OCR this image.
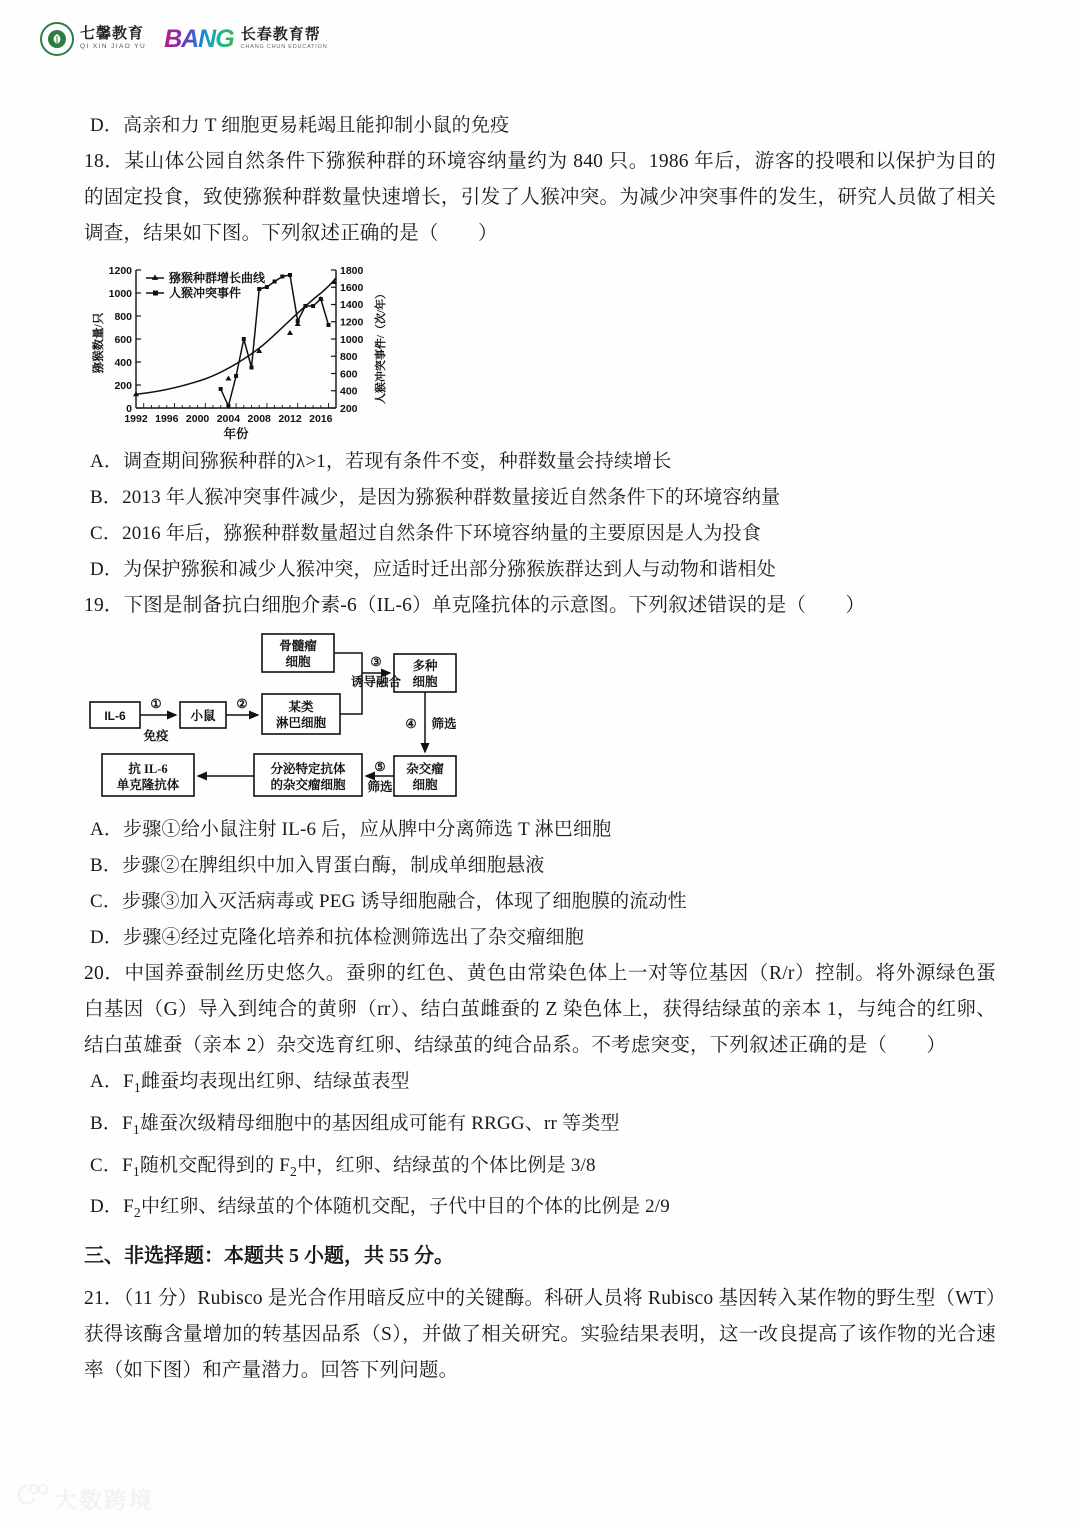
七馨教育
QI XIN JIAO YU BANG 长春教育帮
CHANG CHUN EDUCATION

D．高亲和力 T 细胞更易耗竭且能抑制小鼠的免疫

18．某山体公园自然条件下猕猴种群的环境容纳量约为 840 只。1986 年后，游客的投喂和以保护为目的的固定投食，致使猕猴种群数量快速增长，引发了人猴冲突。为减少冲突事件的发生，研究人员做了相关调查，结果如下图。下列叙述正确的是（　　）

0
200
400
600
800
1000
1200
200
400
600
800
1000
1200
1400
1600
1800
1992 1996 2000 2004 2008 2012 2016
年份
猕猴数量/只	人猴冲突事件/（次/年）
猕猴种群增长曲线
人猴冲突事件

A．调查期间猕猴种群的λ>1，若现有条件不变，种群数量会持续增长

B．2013 年人猴冲突事件减少，是因为猕猴种群数量接近自然条件下的环境容纳量

C．2016 年后，猕猴种群数量超过自然条件下环境容纳量的主要原因是人为投食

D．为保护猕猴和减少人猴冲突，应适时迁出部分猕猴族群达到人与动物和谐相处

19．下图是制备抗白细胞介素-6（IL-6）单克隆抗体的示意图。下列叙述错误的是（　　）

IL-6	小鼠
骨髓瘤
细胞
某类
淋巴细胞
多种
细胞
杂交瘤
细胞
分泌特定抗体
的杂交瘤细胞
抗 IL-6
单克隆抗体
①
免疫
②
③
诱导融合
④ 筛选
⑤
筛选

A．步骤①给小鼠注射 IL-6 后，应从脾中分离筛选 T 淋巴细胞

B．步骤②在脾组织中加入胃蛋白酶，制成单细胞悬液

C．步骤③加入灭活病毒或 PEG 诱导细胞融合，体现了细胞膜的流动性

D．步骤④经过克隆化培养和抗体检测筛选出了杂交瘤细胞

20．中国养蚕制丝历史悠久。蚕卵的红色、黄色由常染色体上一对等位基因（R/r）控制。将外源绿色蛋白基因（G）导入到纯合的黄卵（rr）、结白茧雌蚕的 Z 染色体上，获得结绿茧的亲本 1，与纯合的红卵、结白茧雄蚕（亲本 2）杂交选育红卵、结绿茧的纯合品系。不考虑突变，下列叙述正确的是（　　）

A．$F_1$雌蚕均表现出红卵、结绿茧表型

B．$F_1$雄蚕次级精母细胞中的基因组成可能有 RRGG、rr 等类型

C．$F_1$随机交配得到的 $F_2$中，红卵、结绿茧的个体比例是 3/8

D．$F_2$中红卵、结绿茧的个体随机交配，子代中目的个体的比例是 2/9

三、非选择题：本题共 5 小题，共 55 分。

21．（11 分）Rubisco 是光合作用暗反应中的关键酶。科研人员将 Rubisco 基因转入某作物的野生型（WT）获得该酶含量增加的转基因品系（S），并做了相关研究。实验结果表明，这一改良提高了该作物的光合速率（如下图）和产量潜力。回答下列问题。

大数跨境
